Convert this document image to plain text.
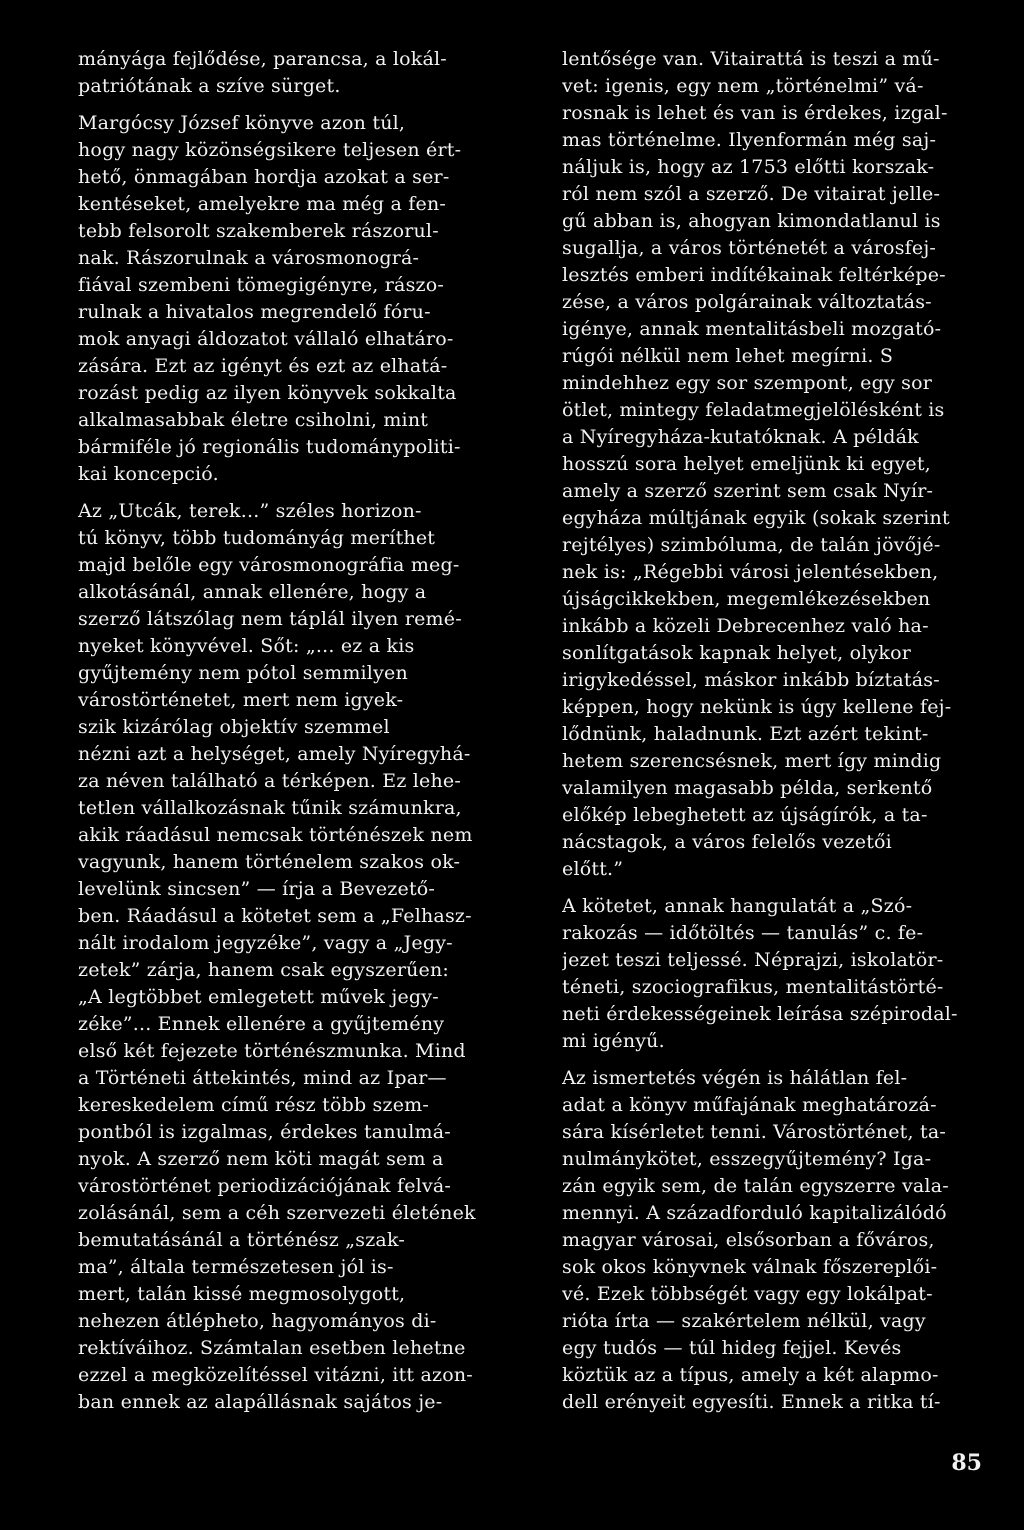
mányága fejlődése, parancsa, a lokál-
patriótának a szíve sürget.
Margócsy József könyve azon túl,
hogy nagy közönségsikere teljesen ért-
hető, önmagában hordja azokat a ser-
kentéseket, amelyekre ma még a fen-
tebb felsorolt szakemberek rászorul-
nak. Rászorulnak a városmonográ-
fiával szembeni tömegigényre, rászo-
rulnak a hivatalos megrendelő fóru-
mok anyagi áldozatot vállaló elhatáro-
zására. Ezt az igényt és ezt az elhatá-
rozást pedig az ilyen könyvek sokkalta
alkalmasabbak életre csiholni, mint
bármiféle jó regionális tudománypoliti-
kai koncepció.
Az „Utcák, terek...” széles horizon-
tú könyv, több tudományág meríthet
majd belőle egy városmonográfia meg-
alkotásánál, annak ellenére, hogy a
szerző látszólag nem táplál ilyen remé-
nyeket könyvével. Sőt: „... ez a kis
gyűjtemény nem pótol semmilyen
várostörténetet, mert nem igyek-
szik kizárólag objektív szemmel
nézni azt a helységet, amely Nyíregyhá-
za néven található a térképen. Ez lehe-
tetlen vállalkozásnak tűnik számunkra,
akik ráadásul nemcsak történészek nem
vagyunk, hanem történelem szakos ok-
levelünk sincsen” — írja a Bevezető-
ben. Ráadásul a kötetet sem a „Felhasz-
nált irodalom jegyzéke”, vagy a „Jegy-
zetek” zárja, hanem csak egyszerűen:
„A legtöbbet emlegetett művek jegy-
zéke”... Ennek ellenére a gyűjtemény
első két fejezete történészmunka. Mind
a Történeti áttekintés, mind az Ipar—
kereskedelem című rész több szem-
pontból is izgalmas, érdekes tanulmá-
nyok. A szerző nem köti magát sem a
várostörténet periodizációjának felvá-
zolásánál, sem a céh szervezeti életének
bemutatásánál a történész „szak-
ma”, általa természetesen jól is-
mert, talán kissé megmosolygott,
nehezen átlépheto, hagyományos di-
rektíváihoz. Számtalan esetben lehetne
ezzel a megközelítéssel vitázni, itt azon-
ban ennek az alapállásnak sajátos je-
lentősége van. Vitairattá is teszi a mű-
vet: igenis, egy nem „történelmi” vá-
rosnak is lehet és van is érdekes, izgal-
mas történelme. Ilyenformán még saj-
náljuk is, hogy az 1753 előtti korszak-
ról nem szól a szerző. De vitairat jelle-
gű abban is, ahogyan kimondatlanul is
sugallja, a város történetét a városfej-
lesztés emberi indítékainak feltérképe-
zése, a város polgárainak változtatás-
igénye, annak mentalitásbeli mozgató-
rúgói nélkül nem lehet megírni. S
mindehhez egy sor szempont, egy sor
ötlet, mintegy feladatmegjelölésként is
a Nyíregyháza-kutatóknak. A példák
hosszú sora helyet emeljünk ki egyet,
amely a szerző szerint sem csak Nyír-
egyháza múltjának egyik (sokak szerint
rejtélyes) szimbóluma, de talán jövőjé-
nek is: „Régebbi városi jelentésekben,
újságcikkekben, megemlékezésekben
inkább a közeli Debrecenhez való ha-
sonlítgatások kapnak helyet, olykor
irigykedéssel, máskor inkább bíztatás-
képpen, hogy nekünk is úgy kellene fej-
lődnünk, haladnunk. Ezt azért tekint-
hetem szerencsésnek, mert így mindig
valamilyen magasabb példa, serkentő
előkép lebeghetett az újságírók, a ta-
nácstagok, a város felelős vezetői
előtt.”
A kötetet, annak hangulatát a „Szó-
rakozás — időtöltés — tanulás” c. fe-
jezet teszi teljessé. Néprajzi, iskolatör-
téneti, szociografikus, mentalitástörté-
neti érdekességeinek leírása szépirodal-
mi igényű.
Az ismertetés végén is hálátlan fel-
adat a könyv műfajának meghatározá-
sára kísérletet tenni. Várostörténet, ta-
nulmánykötet, esszegyűjtemény? Iga-
zán egyik sem, de talán egyszerre vala-
mennyi. A századforduló kapitalizálódó
magyar városai, elsősorban a főváros,
sok okos könyvnek válnak főszereplői-
vé. Ezek többségét vagy egy lokálpat-
rióta írta — szakértelem nélkül, vagy
egy tudós — túl hideg fejjel. Kevés
köztük az a típus, amely a két alapmo-
dell erényeit egyesíti. Ennek a ritka tí-
85
